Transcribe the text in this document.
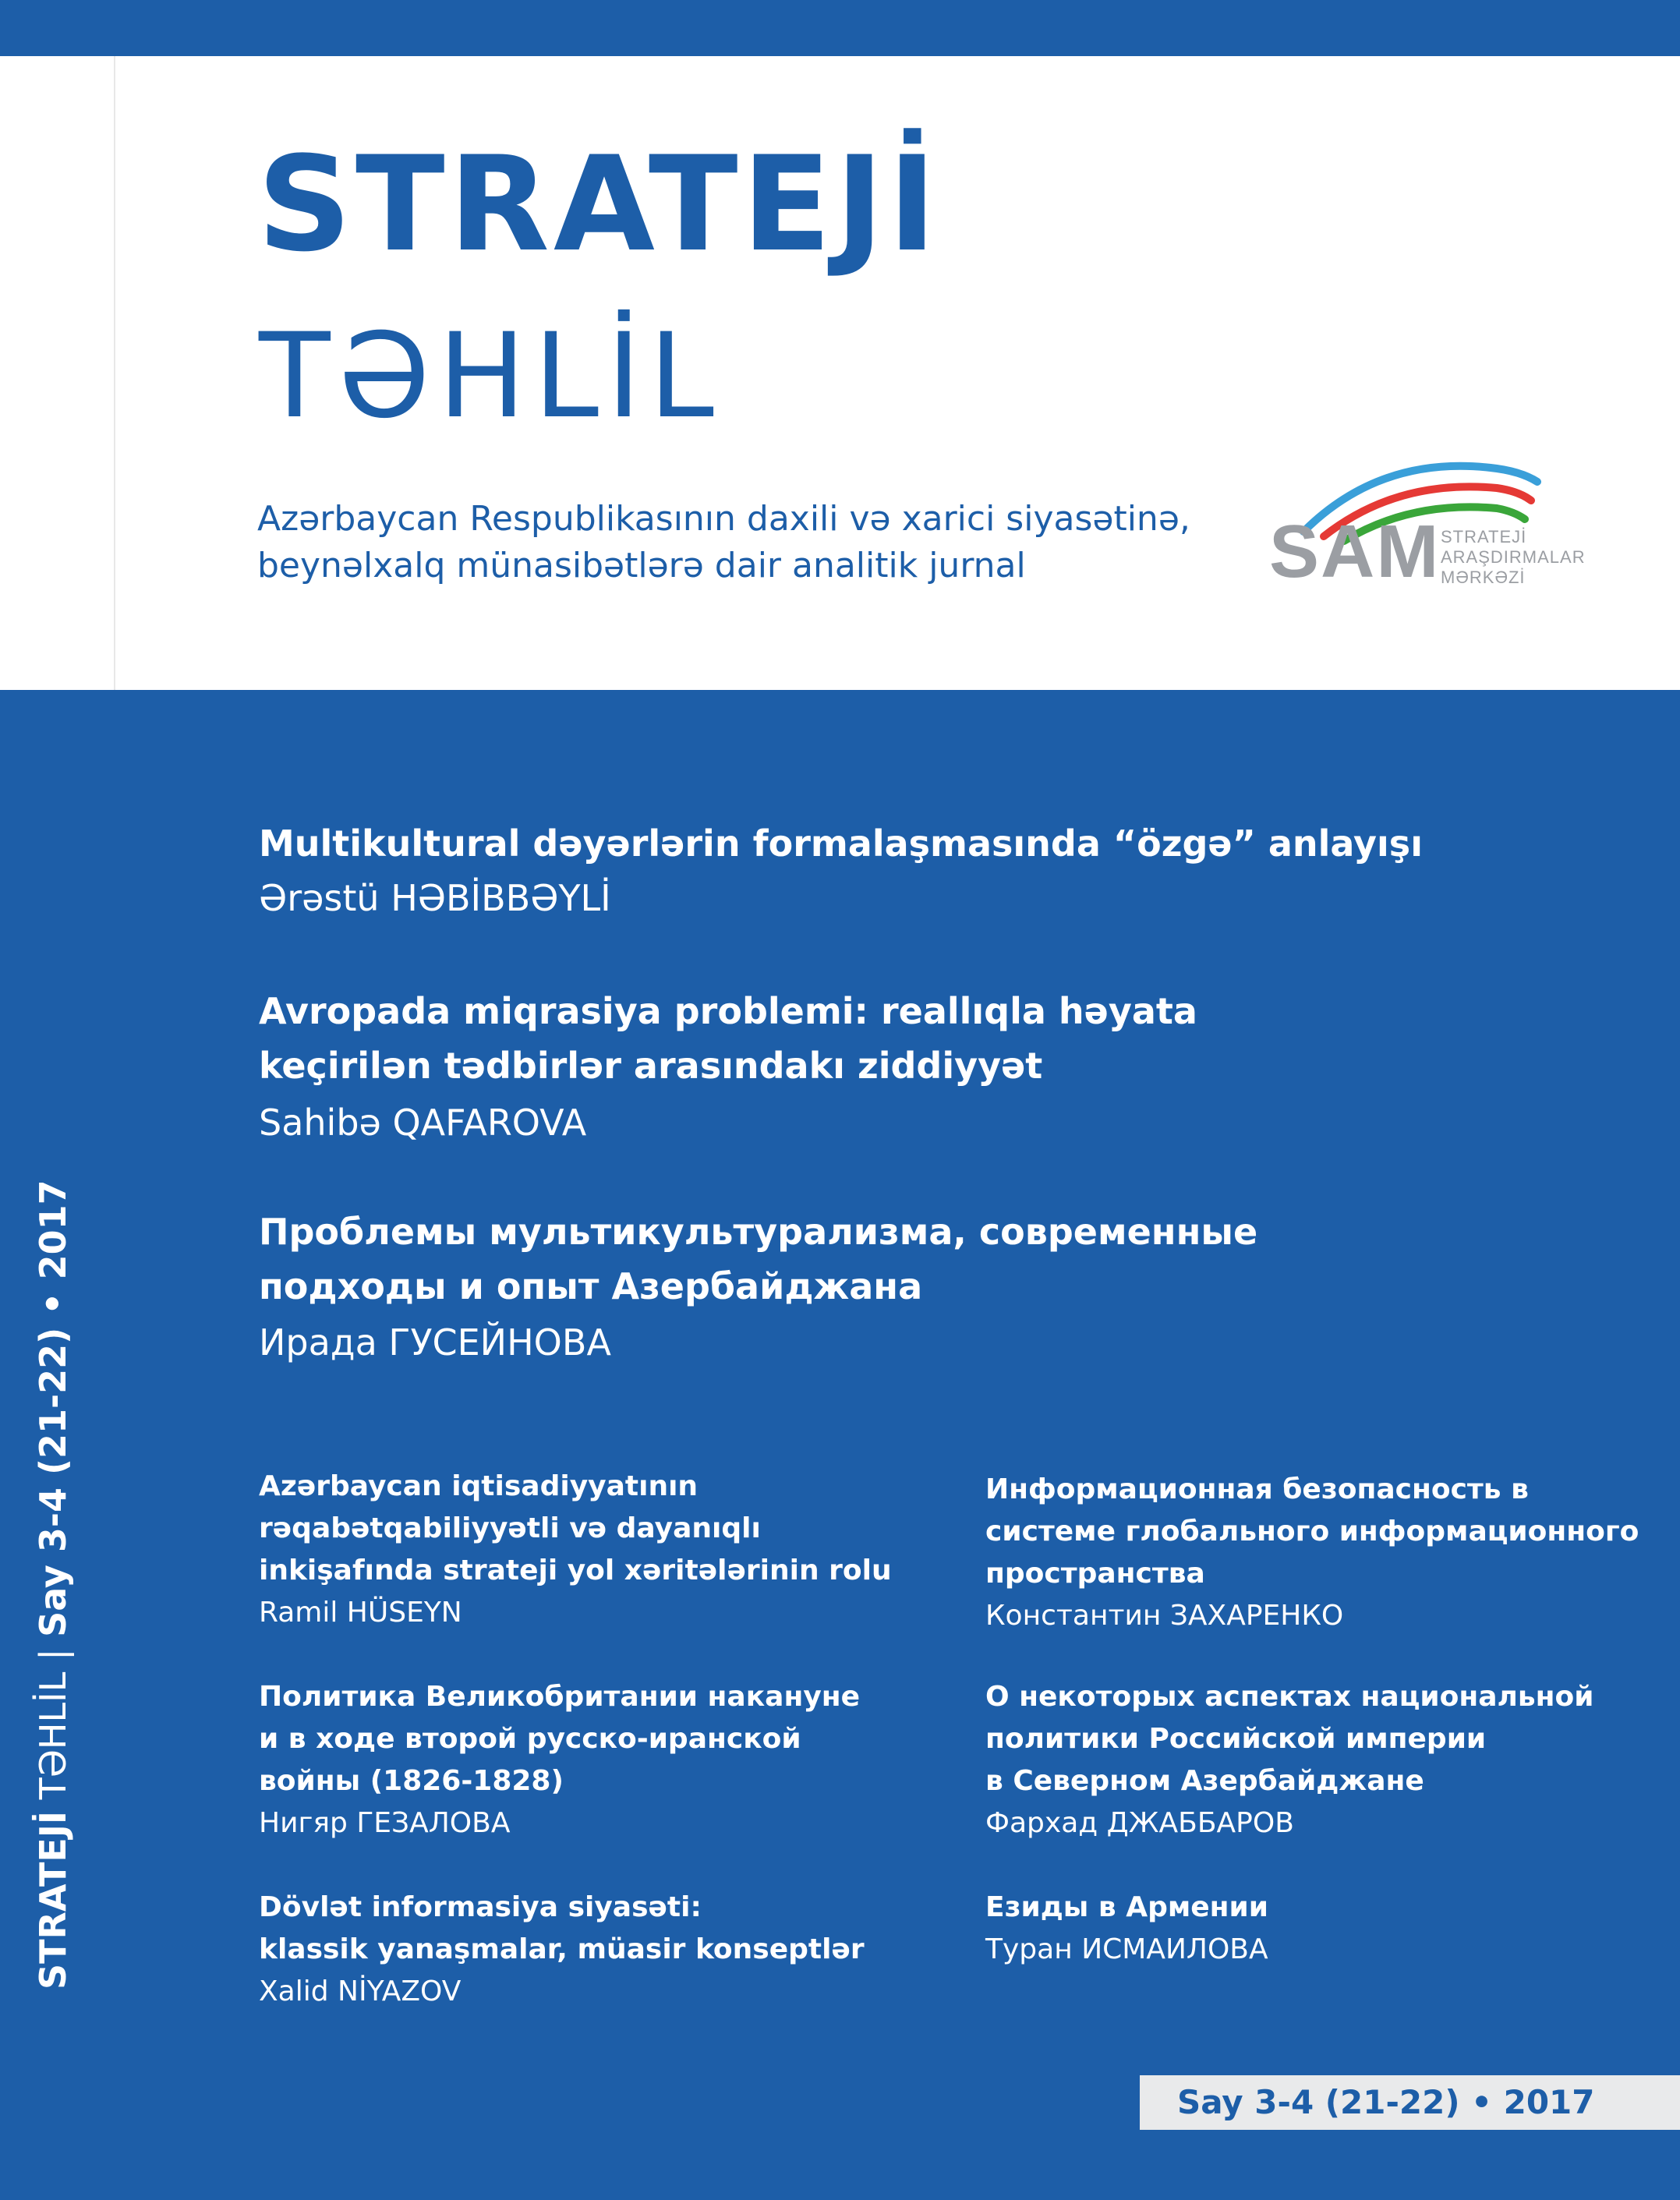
STRATEJİ
TƏHLİL
Azərbaycan Respublikasının daxili və xarici siyasətinə,
beynəlxalq münasibətlərə dair analitik jurnal	SAM STRATEJİ
ARAŞDIRMALAR
MƏRKƏZİ
Multikultural dəyərlərin formalaşmasında “özgə” anlayışı
Ərəstü HƏBİBBƏYLİ
Avropada miqrasiya problemi: reallıqla həyata
keçirilən tədbirlər arasındakı ziddiyyət
Sahibə QAFAROVA
Проблемы мультикультурализма, современные
подходы и опыт Азербайджана
Ирада ГУСЕЙНОВА
Azərbaycan iqtisadiyyatının
rəqabətqabiliyyətli və dayanıqlı
inkişafında strateji yol xəritələrinin rolu
Ramil HÜSEYN
Политика Великобритании накануне
и в ходе второй русско-иранской
войны (1826-1828)
Нигяр ГЕЗАЛОВА
Dövlət informasiya siyasəti:
klassik yanaşmalar, müasir konseptlər
Xalid NİYAZOV
Информационная безопасность в
системе глобального информационного
пространства
Константин ЗАХАРЕНКО
О некоторых аспектах национальной
политики Российской империи
в Северном Азербайджане
Фархад ДЖАББАРОВ
Езиды в Армении
Туран ИСМАИЛОВА
STRATEJİ TƏHLİL | Say 3-4 (21-22) • 2017
Say 3-4 (21-22) • 2017
